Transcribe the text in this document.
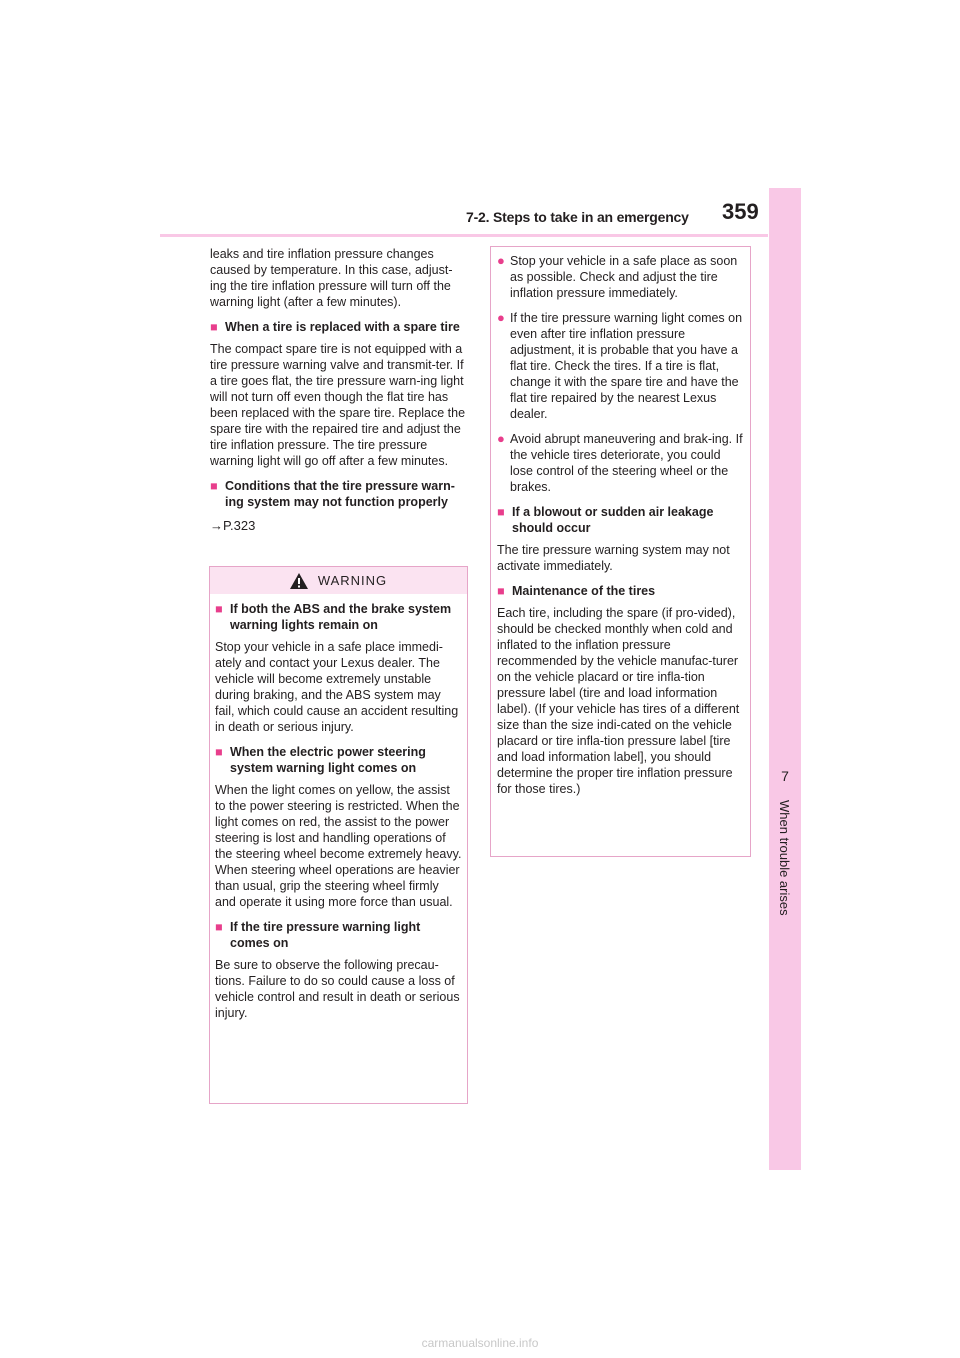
7
When trouble arises
7-2. Steps to take in an emergency 359

leaks and tire inflation pressure changes caused by temperature. In this case, adjust-ing the tire inflation pressure will turn off the warning light (after a few minutes).

■ When a tire is replaced with a spare tire

The compact spare tire is not equipped with a tire pressure warning valve and transmit-ter. If a tire goes flat, the tire pressure warn-ing light will not turn off even though the flat tire has been replaced with the spare tire. Replace the spare tire with the repaired tire and adjust the tire inflation pressure. The tire pressure warning light will go off after a few minutes.

■ Conditions that the tire pressure warn-ing system may not function properly
→P.323
WARNING
■ If both the ABS and the brake system warning lights remain on

Stop your vehicle in a safe place immedi-ately and contact your Lexus dealer. The vehicle will become extremely unstable during braking, and the ABS system may fail, which could cause an accident resulting in death or serious injury.

■ When the electric power steering system warning light comes on

When the light comes on yellow, the assist to the power steering is restricted. When the light comes on red, the assist to the power steering is lost and handling operations of the steering wheel become extremely heavy. When steering wheel operations are heavier than usual, grip the steering wheel firmly and operate it using more force than usual.

■ If the tire pressure warning light comes on

Be sure to observe the following precau-tions. Failure to do so could cause a loss of vehicle control and result in death or serious injury.

● Stop your vehicle in a safe place as soon as possible. Check and adjust the tire inflation pressure immediately.
● If the tire pressure warning light comes on even after tire inflation pressure adjustment, it is probable that you have a flat tire. Check the tires. If a tire is flat, change it with the spare tire and have the flat tire repaired by the nearest Lexus dealer.
● Avoid abrupt maneuvering and brak-ing. If the vehicle tires deteriorate, you could lose control of the steering wheel or the brakes.
■ If a blowout or sudden air leakage should occur

The tire pressure warning system may not activate immediately.

■ Maintenance of the tires

Each tire, including the spare (if pro-vided), should be checked monthly when cold and inflated to the inflation pressure recommended by the vehicle manufac-turer on the vehicle placard or tire infla-tion pressure label (tire and load information label). (If your vehicle has tires of a different size than the size indi-cated on the vehicle placard or tire infla-tion pressure label [tire and load information label], you should determine the proper tire inflation pressure for those tires.)

carmanualsonline.info
